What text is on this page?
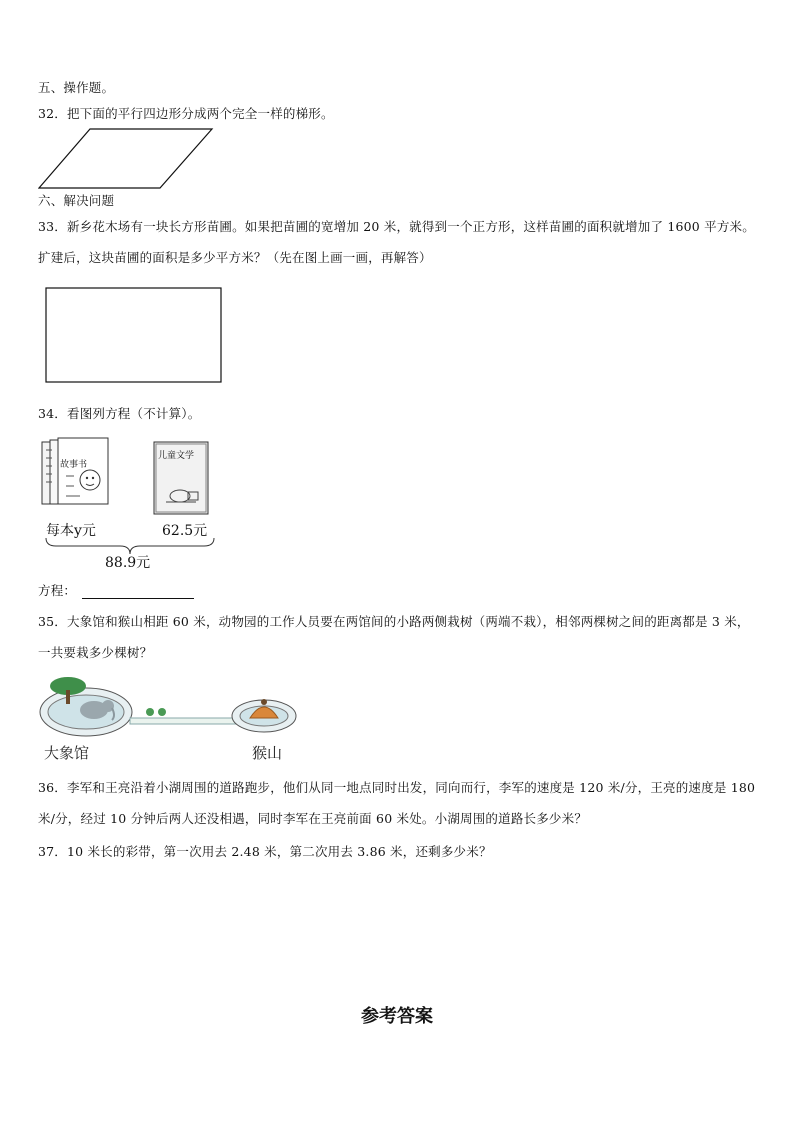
五、操作题。
32．把下面的平行四边形分成两个完全一样的梯形。
六、解决问题
33．新乡花木场有一块长方形苗圃。如果把苗圃的宽增加 20 米，就得到一个正方形，这样苗圃的面积就增加了 1600 平方米。扩建后，这块苗圃的面积是多少平方米？（先在图上画一画，再解答）
34．看图列方程（不计算）。
故事书
儿童文学
每本y元	62.5元
88.9元
方程：
35．大象馆和猴山相距 60 米，动物园的工作人员要在两馆间的小路两侧栽树（两端不栽），相邻两棵树之间的距离都是 3 米，一共要栽多少棵树？
大象馆	猴山
36．李军和王亮沿着小湖周围的道路跑步，他们从同一地点同时出发，同向而行，李军的速度是 120 米/分，王亮的速度是 180 米/分，经过 10 分钟后两人还没相遇，同时李军在王亮前面 60 米处。小湖周围的道路长多少米？
37．10 米长的彩带，第一次用去 2.48 米，第二次用去 3.86 米，还剩多少米？
参考答案
